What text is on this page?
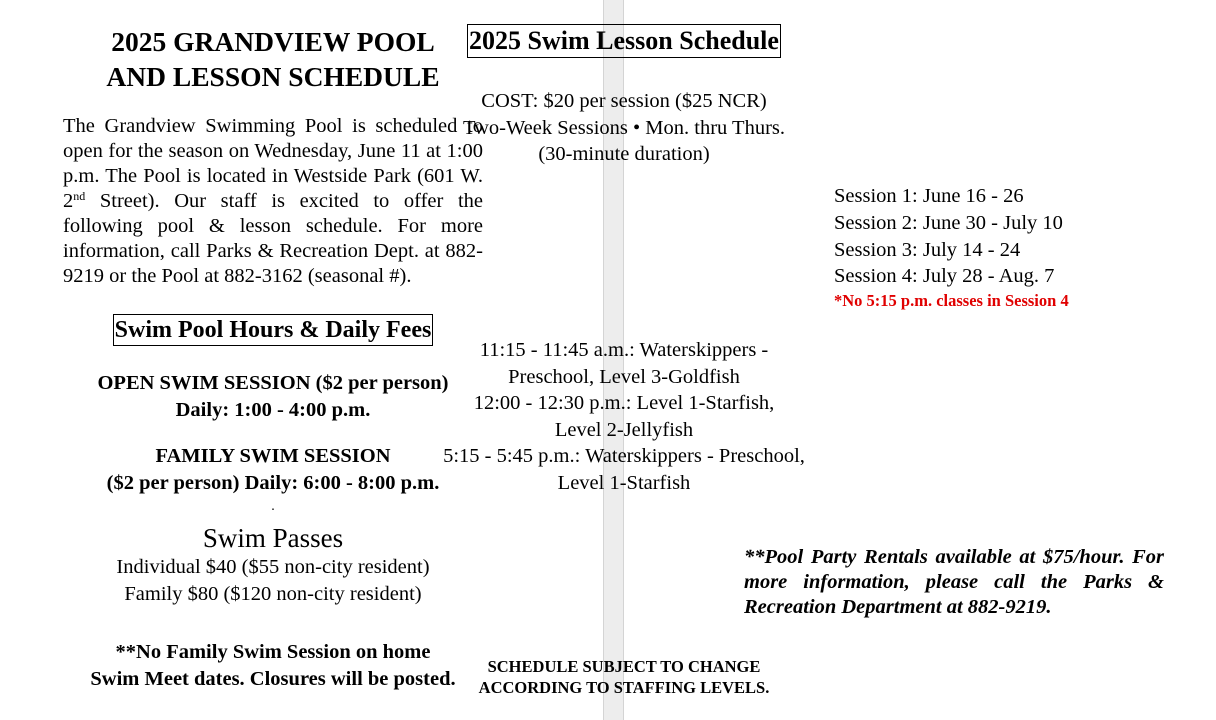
2025 GRANDVIEW POOL
AND LESSON SCHEDULE
The Grandview Swimming Pool is scheduled to open for the season on Wednesday, June 11 at 1:00 p.m. The Pool is located in Westside Park (601 W. 2nd Street). Our staff is excited to offer the following pool & lesson schedule. For more information, call Parks & Recreation Dept. at 882-9219 or the Pool at 882-3162 (seasonal #).
Swim Pool Hours & Daily Fees
OPEN SWIM SESSION ($2 per person)
Daily: 1:00 - 4:00 p.m.
FAMILY SWIM SESSION
($2 per person) Daily: 6:00 - 8:00 p.m.
.
Swim Passes
Individual $40 ($55 non-city resident)
Family $80 ($120 non-city resident)
**No Family Swim Session on home
Swim Meet dates. Closures will be posted.
2025 Swim Lesson Schedule
COST: $20 per session ($25 NCR)
Two-Week Sessions • Mon. thru Thurs.
(30-minute duration)
Session 1: June 16 - 26
Session 2: June 30 - July 10
Session 3: July 14 - 24
Session 4: July 28 - Aug. 7
*No 5:15 p.m. classes in Session 4
11:15 - 11:45 a.m.: Waterskippers -
Preschool, Level 3-Goldfish
12:00 - 12:30 p.m.: Level 1-Starfish,
Level 2-Jellyfish
5:15 - 5:45 p.m.: Waterskippers - Preschool,
Level 1-Starfish
**Pool Party Rentals available at $75/hour. For more information, please call the Parks & Recreation Department at 882-9219.
SCHEDULE SUBJECT TO CHANGE
ACCORDING TO STAFFING LEVELS.
